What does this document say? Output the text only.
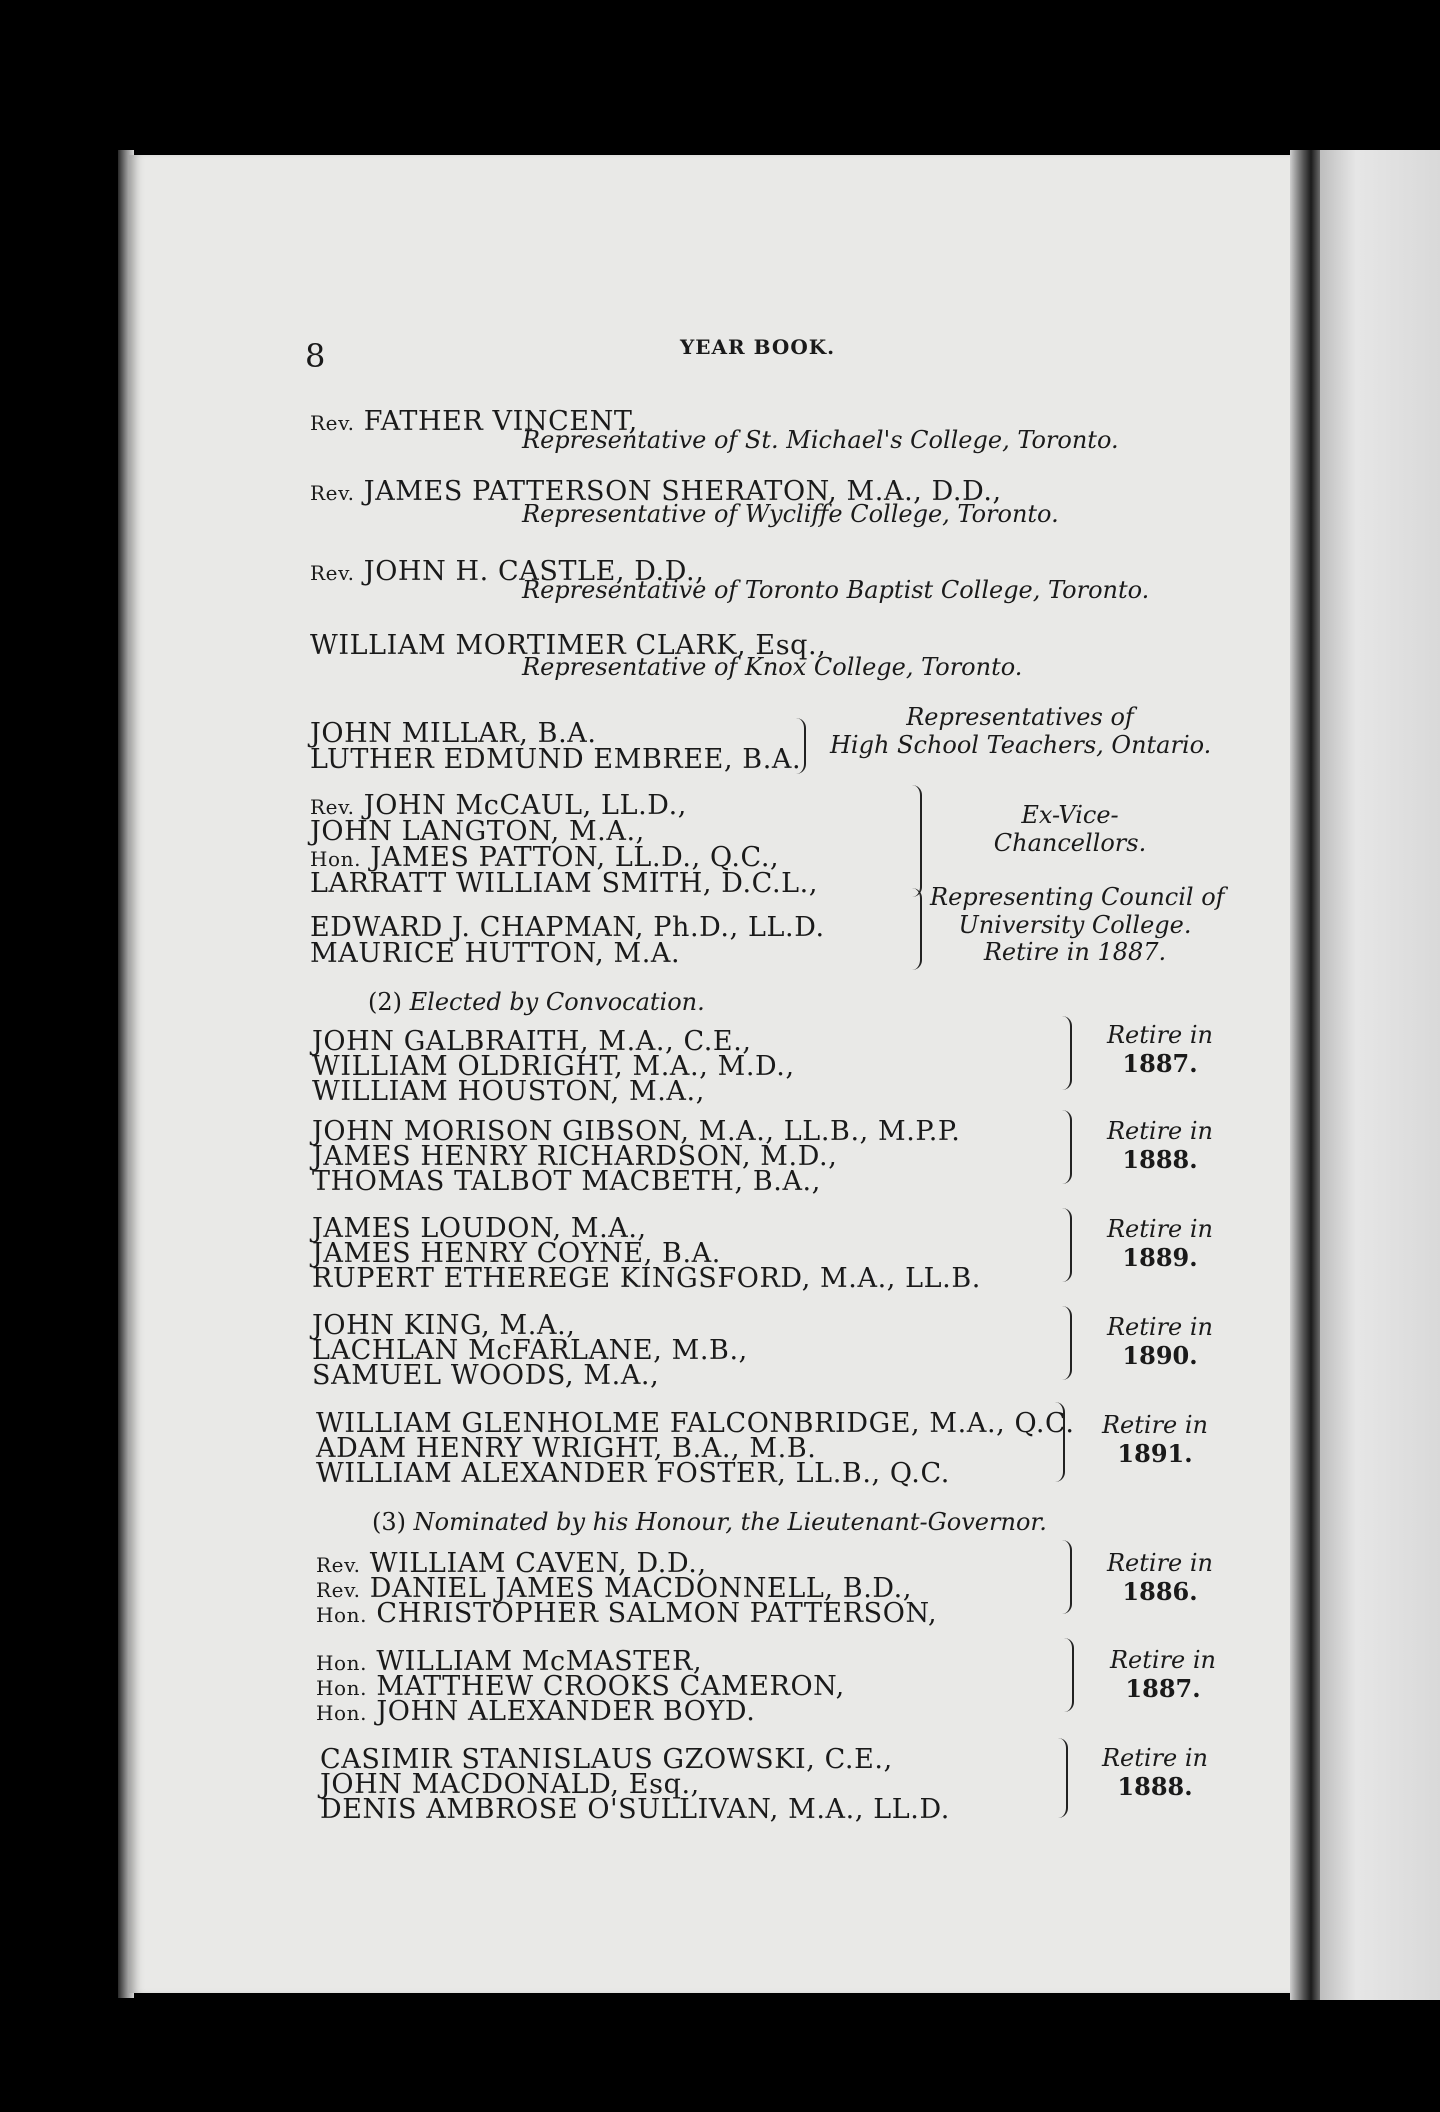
8	YEAR BOOK.
Rev. FATHER VINCENT,
Representative of St. Michael's College, Toronto.
Rev. JAMES PATTERSON SHERATON, M.A., D.D.,
Representative of Wycliffe College, Toronto.
Rev. JOHN H. CASTLE, D.D.,
Representative of Toronto Baptist College, Toronto.
WILLIAM MORTIMER CLARK, Esq.,
Representative of Knox College, Toronto.
JOHN MILLAR, B.A.
LUTHER EDMUND EMBREE, B.A.
Representatives of
High School Teachers, Ontario.
Rev. JOHN McCAUL, LL.D.,
JOHN LANGTON, M.A.,
Hon. JAMES PATTON, LL.D., Q.C.,
LARRATT WILLIAM SMITH, D.C.L.,
Ex-Vice-
Chancellors.
EDWARD J. CHAPMAN, Ph.D., LL.D.
MAURICE HUTTON, M.A.
Representing Council of
University College.
Retire in 1887.
(2) Elected by Convocation.
JOHN GALBRAITH, M.A., C.E.,
WILLIAM OLDRIGHT, M.A., M.D.,
WILLIAM HOUSTON, M.A.,
Retire in
1887.
JOHN MORISON GIBSON, M.A., LL.B., M.P.P.
JAMES HENRY RICHARDSON, M.D.,
THOMAS TALBOT MACBETH, B.A.,
Retire in
1888.
JAMES LOUDON, M.A.,
JAMES HENRY COYNE, B.A.
RUPERT ETHEREGE KINGSFORD, M.A., LL.B.
Retire in
1889.
JOHN KING, M.A.,
LACHLAN McFARLANE, M.B.,
SAMUEL WOODS, M.A.,
Retire in
1890.
WILLIAM GLENHOLME FALCONBRIDGE, M.A., Q.C.
ADAM HENRY WRIGHT, B.A., M.B.
WILLIAM ALEXANDER FOSTER, LL.B., Q.C.
Retire in
1891.
(3) Nominated by his Honour, the Lieutenant-Governor.
Rev. WILLIAM CAVEN, D.D.,
Rev. DANIEL JAMES MACDONNELL, B.D.,
Hon. CHRISTOPHER SALMON PATTERSON,
Retire in
1886.
Hon. WILLIAM McMASTER,
Hon. MATTHEW CROOKS CAMERON,
Hon. JOHN ALEXANDER BOYD.
Retire in
1887.
CASIMIR STANISLAUS GZOWSKI, C.E.,
JOHN MACDONALD, Esq.,
DENIS AMBROSE O'SULLIVAN, M.A., LL.D.
Retire in
1888.
